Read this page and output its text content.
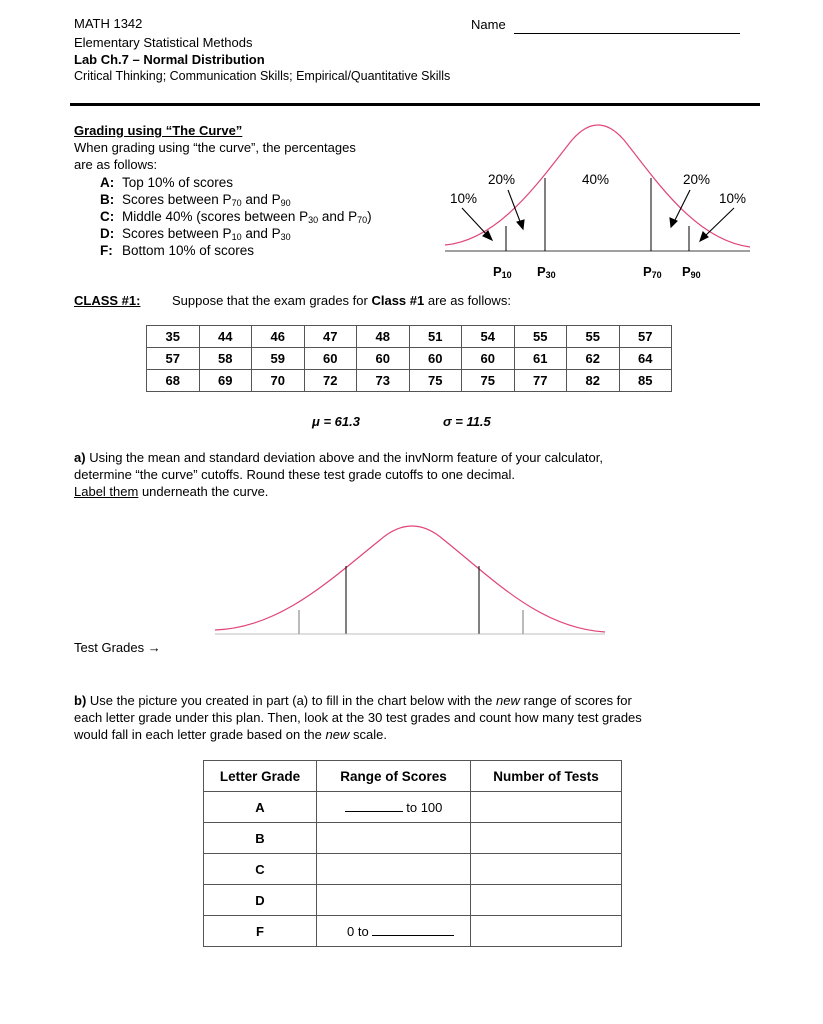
MATH 1342
Elementary Statistical Methods
Lab Ch.7 – Normal Distribution
Critical Thinking; Communication Skills; Empirical/Quantitative Skills
Name
Grading using “The Curve”
When grading using “the curve”, the percentages
are as follows:
A: Top 10% of scores
B: Scores between $P_{70}$ and $P_{90}$
C: Middle 40% (scores between $P_{30}$ and $P_{70}$)
D: Scores between $P_{10}$ and $P_{30}$
F: Bottom 10% of scores
10%
20%	40%	20%
10%
P10 P30	P70 P90
CLASS #1: Suppose that the exam grades for Class #1 are as follows:
35	44	46	47	48	51	54	55	55	57
57	58	59	60	60	60	60	61	62	64
68	69	70	72	73	75	75	77	82	85
μ = 61.3	σ = 11.5
a) Using the mean and standard deviation above and the invNorm feature of your calculator,
determine “the curve” cutoffs. Round these test grade cutoffs to one decimal.
Label them underneath the curve.
Test Grades →
b) Use the picture you created in part (a) to fill in the chart below with the new range of scores for
each letter grade under this plan. Then, look at the 30 test grades and count how many test grades
would fall in each letter grade based on the new scale.
Letter Grade	Range of Scores	Number of Tests
A	to 100	
B		
C		
D		
F	0 to	
